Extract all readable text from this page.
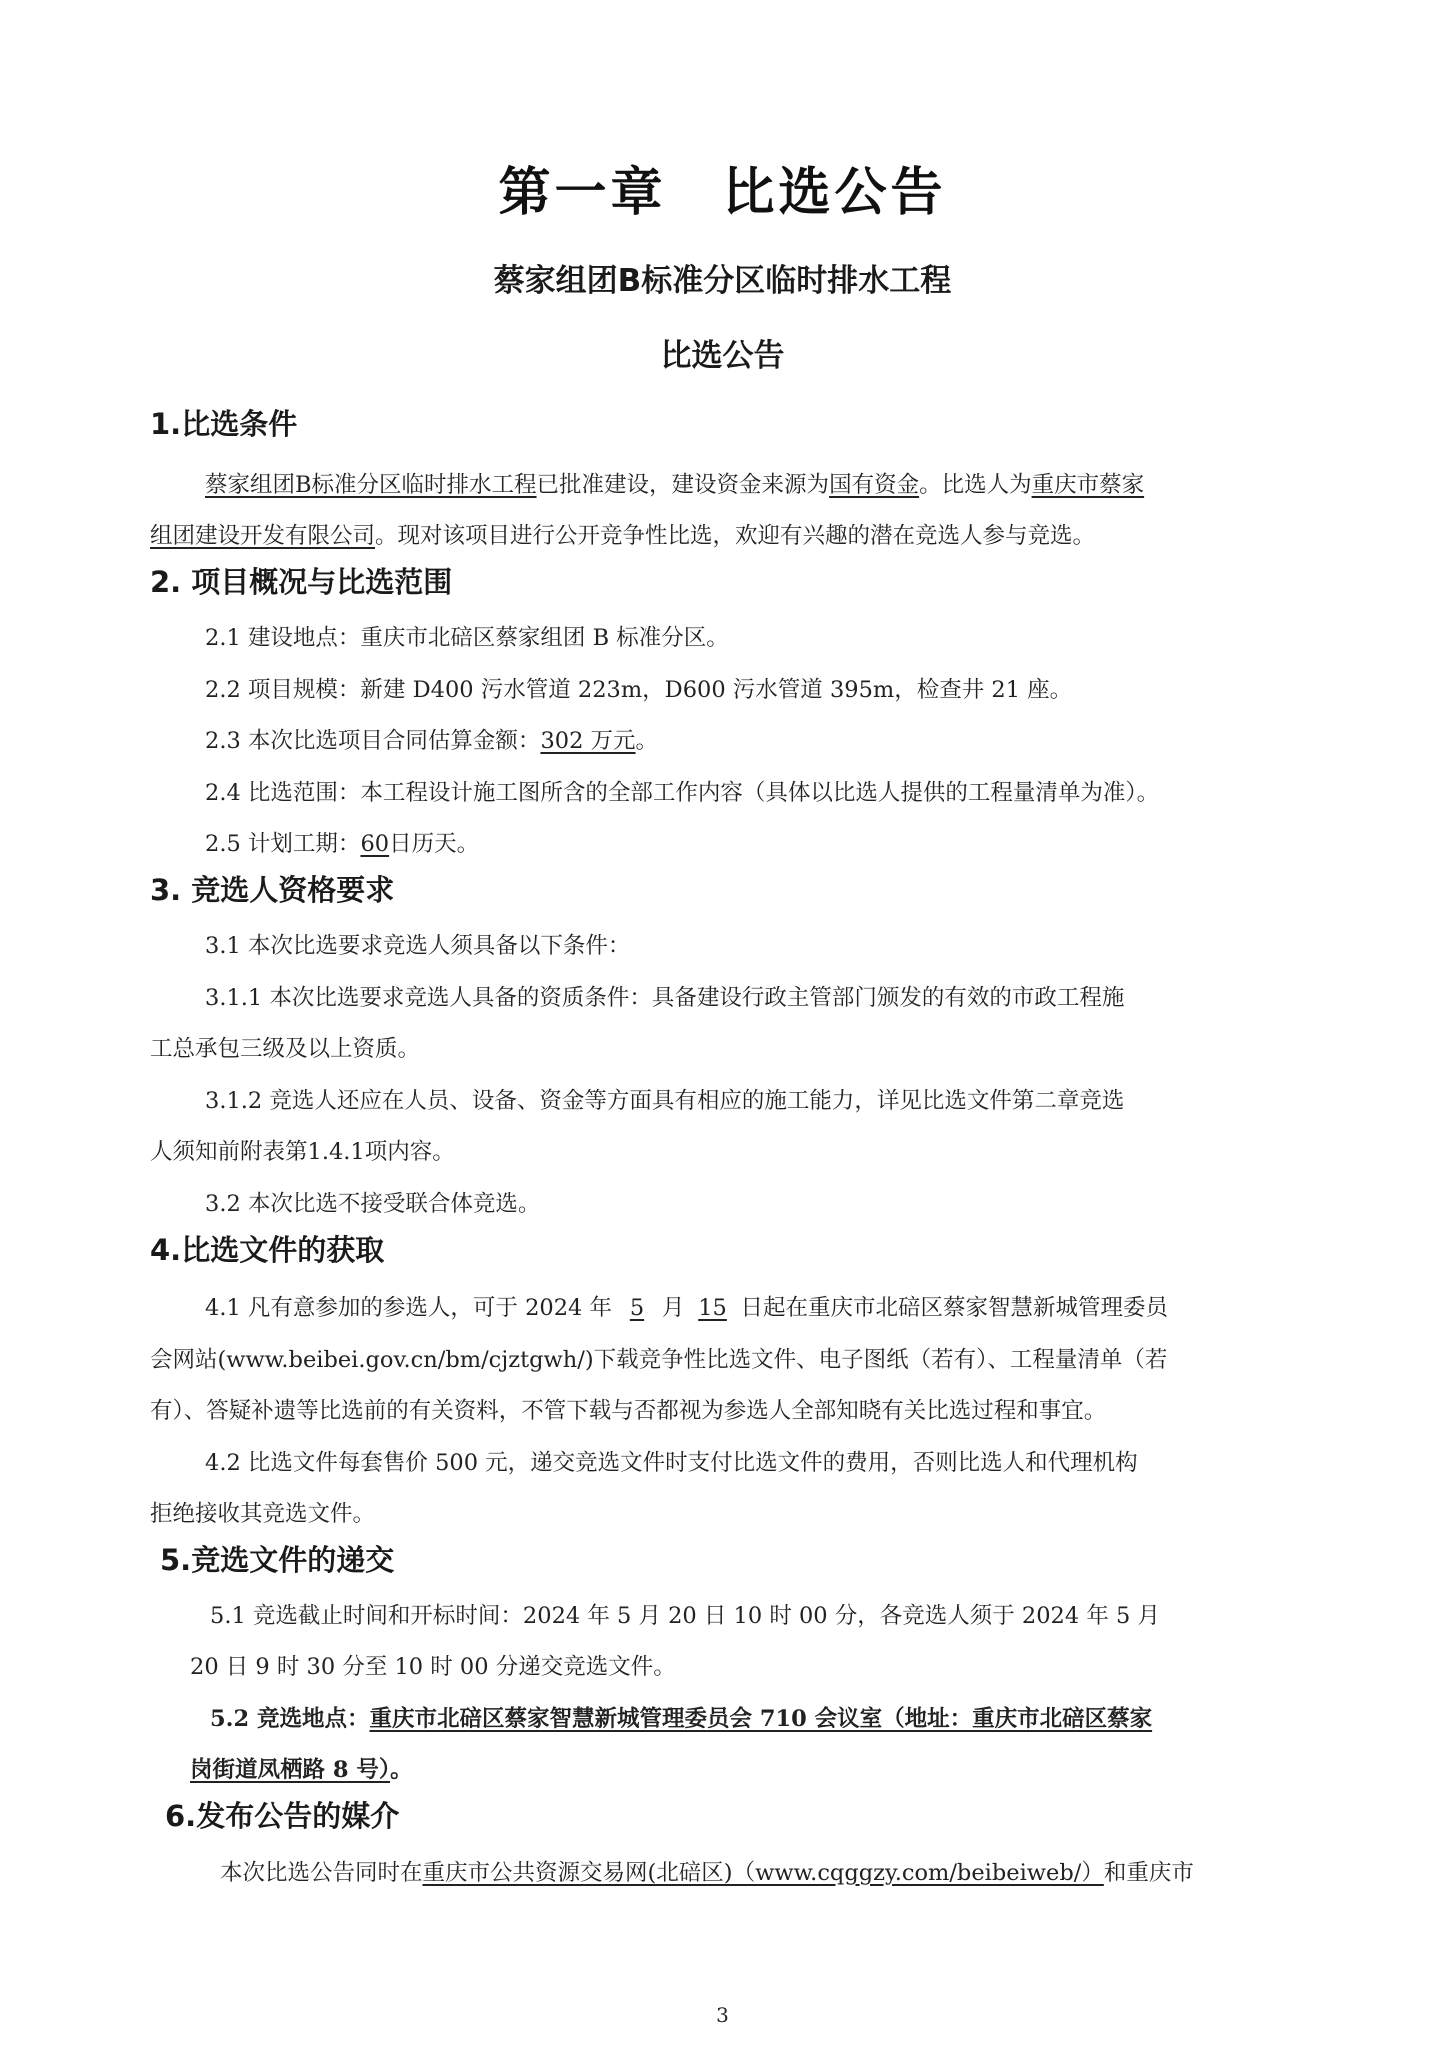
第一章　比选公告
蔡家组团B标准分区临时排水工程
比选公告
1.比选条件
蔡家组团B标准分区临时排水工程已批准建设，建设资金来源为国有资金。比选人为重庆市蔡家
组团建设开发有限公司。现对该项目进行公开竞争性比选，欢迎有兴趣的潜在竞选人参与竞选。
2. 项目概况与比选范围
2.1 建设地点：重庆市北碚区蔡家组团 B 标准分区。
2.2 项目规模：新建 D400 污水管道 223m，D600 污水管道 395m，检查井 21 座。
2.3 本次比选项目合同估算金额：302 万元。
2.4 比选范围：本工程设计施工图所含的全部工作内容（具体以比选人提供的工程量清单为准）。
2.5 计划工期：60日历天。
3. 竞选人资格要求
3.1 本次比选要求竞选人须具备以下条件：
3.1.1 本次比选要求竞选人具备的资质条件：具备建设行政主管部门颁发的有效的市政工程施
工总承包三级及以上资质。
3.1.2 竞选人还应在人员、设备、资金等方面具有相应的施工能力，详见比选文件第二章竞选
人须知前附表第1.4.1项内容。
3.2 本次比选不接受联合体竞选。
4.比选文件的获取
4.1 凡有意参加的参选人，可于 2024 年 5 月 15 日起在重庆市北碚区蔡家智慧新城管理委员
会网站(www.beibei.gov.cn/bm/cjztgwh/)下载竞争性比选文件、电子图纸（若有）、工程量清单（若
有）、答疑补遗等比选前的有关资料，不管下载与否都视为参选人全部知晓有关比选过程和事宜。
4.2 比选文件每套售价 500 元，递交竞选文件时支付比选文件的费用，否则比选人和代理机构
拒绝接收其竞选文件。
5.竞选文件的递交
5.1 竞选截止时间和开标时间：2024 年 5 月 20 日 10 时 00 分，各竞选人须于 2024 年 5 月
20 日 9 时 30 分至 10 时 00 分递交竞选文件。
5.2 竞选地点：重庆市北碚区蔡家智慧新城管理委员会 710 会议室（地址：重庆市北碚区蔡家
岗街道凤栖路 8 号）。
6.发布公告的媒介
本次比选公告同时在重庆市公共资源交易网(北碚区)（www.cqggzy.com/beibeiweb/）和重庆市
3
